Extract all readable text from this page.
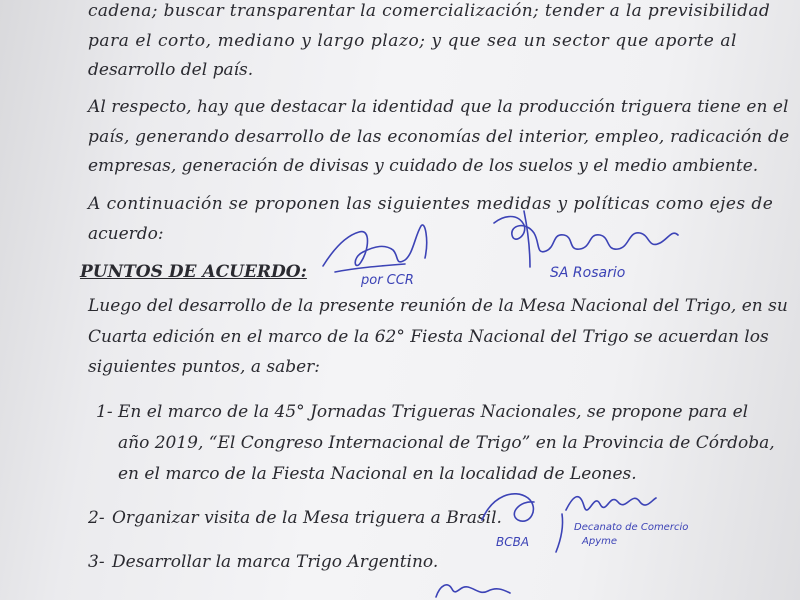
cadena; buscar transparentar la comercialización; tender a la previsibilidad

para el corto, mediano y largo plazo; y que sea un sector que aporte al

desarrollo del país.

Al respecto, hay que destacar la identidad que la producción triguera tiene en el

país, generando desarrollo de las economías del interior, empleo, radicación de

empresas, generación de divisas y cuidado de los suelos y el medio ambiente.

A continuación se proponen las siguientes medidas y políticas como ejes de

acuerdo:

PUNTOS DE ACUERDO:

Luego del desarrollo de la presente reunión de la Mesa Nacional del Trigo, en su

Cuarta edición en el marco de la 62° Fiesta Nacional del Trigo se acuerdan los

siguientes puntos, a saber:

1- En el marco de la 45° Jornadas Trigueras Nacionales, se propone para el

año 2019, “El Congreso Internacional de Trigo” en la Provincia de Córdoba,

en el marco de la Fiesta Nacional en la localidad de Leones.

2- Organizar visita de la Mesa triguera a Brasil.

3- Desarrollar la marca Trigo Argentino.

por CCR	SA Rosario
BCBA
Decanato de Comercio
Apyme
